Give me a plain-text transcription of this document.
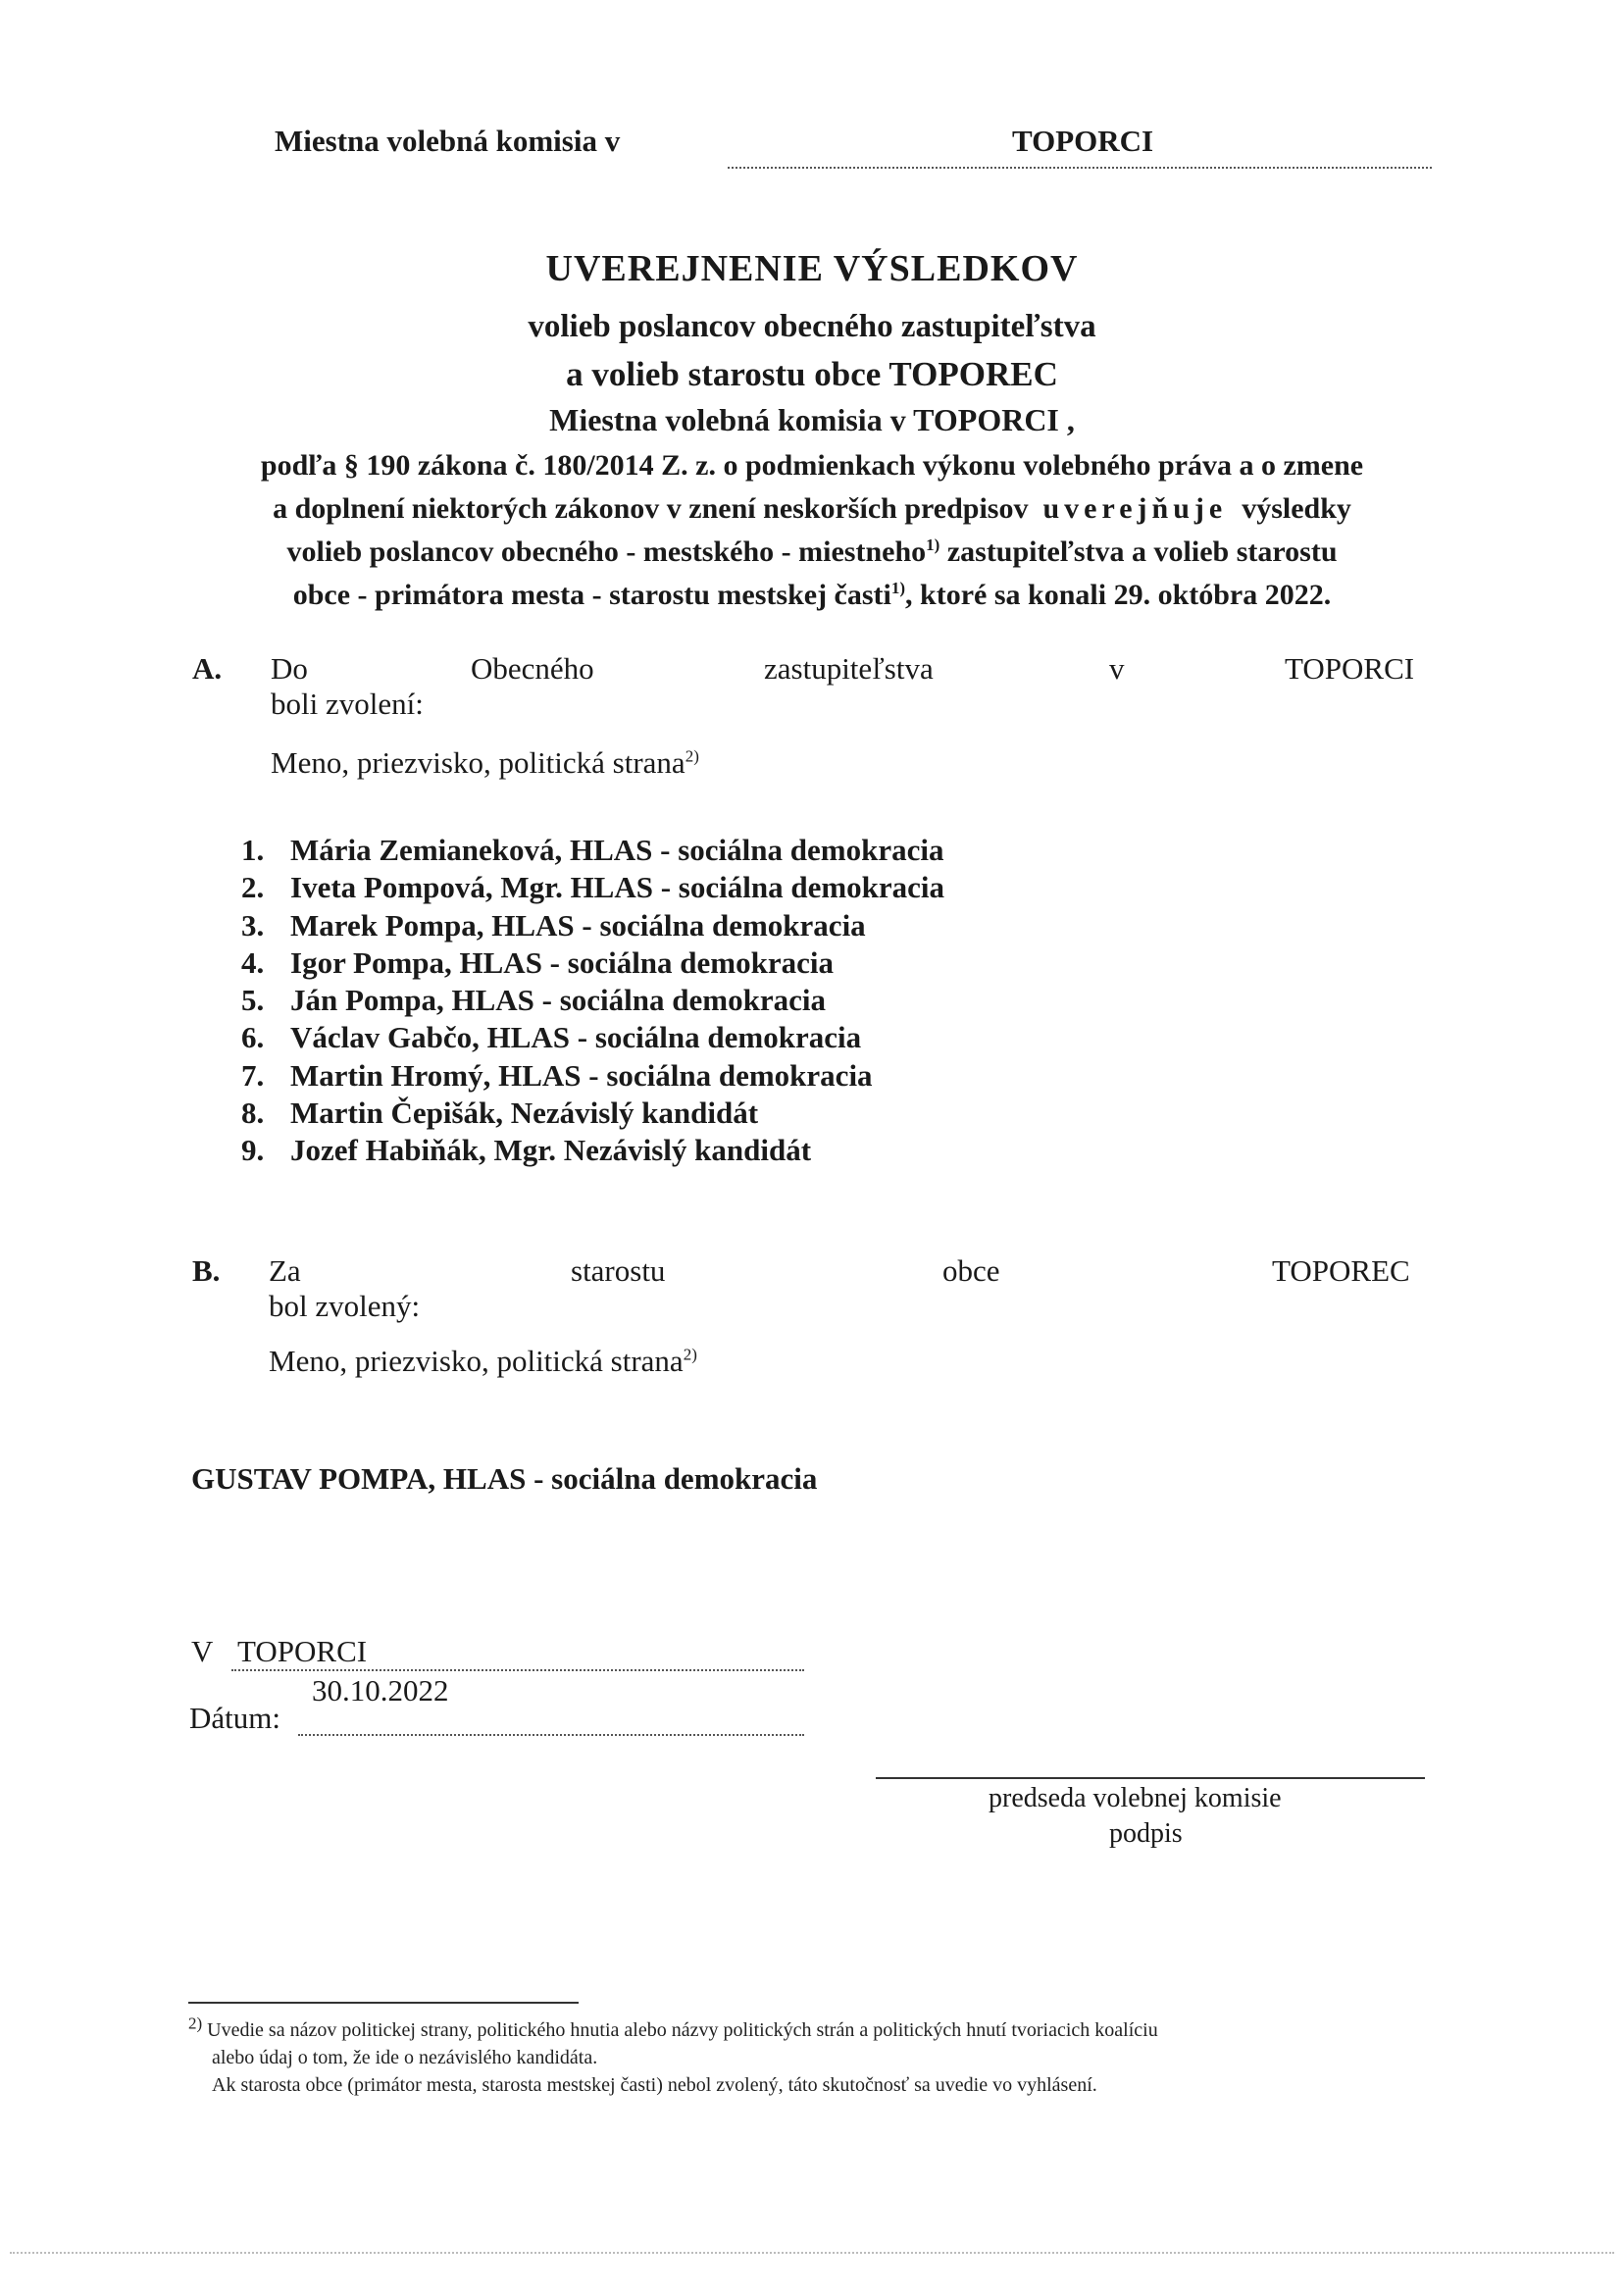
Miestna volebná komisia v	TOPORCI
UVEREJNENIE VÝSLEDKOV
volieb poslancov obecného zastupiteľstva
a volieb starostu obce TOPOREC
Miestna volebná komisia v TOPORCI ,
podľa § 190 zákona č. 180/2014 Z. z. o podmienkach výkonu volebného práva a o zmene
a doplnení niektorých zákonov v znení neskorších predpisov uverejňuje výsledky
volieb poslancov obecného - mestského - miestneho$^{1)}$ zastupiteľstva a volieb starostu
obce - primátora mesta - starostu mestskej časti$^{1)}$, ktoré sa konali 29. októbra 2022.
A. Do	Obecného	zastupiteľstva	v	TOPORCI
boli zvolení:
Meno, priezvisko, politická strana$^{2)}$
1. Mária Zemianeková, HLAS - sociálna demokracia
2. Iveta Pompová, Mgr. HLAS - sociálna demokracia
3. Marek Pompa, HLAS - sociálna demokracia
4. Igor Pompa, HLAS - sociálna demokracia
5. Ján Pompa, HLAS - sociálna demokracia
6. Václav Gabčo, HLAS - sociálna demokracia
7. Martin Hromý, HLAS - sociálna demokracia
8. Martin Čepišák, Nezávislý kandidát
9. Jozef Habiňák, Mgr. Nezávislý kandidát
B. Za	starostu	obce	TOPOREC
bol zvolený:
Meno, priezvisko, politická strana$^{2)}$
GUSTAV POMPA, HLAS - sociálna demokracia
V TOPORCI
30.10.2022
Dátum:
predseda volebnej komisie
podpis
$^{2)}$ Uvedie sa názov politickej strany, politického hnutia alebo názvy politických strán a politických hnutí tvoriacich koalíciu
alebo údaj o tom, že ide o nezávislého kandidáta.
Ak starosta obce (primátor mesta, starosta mestskej časti) nebol zvolený, táto skutočnosť sa uvedie vo vyhlásení.
